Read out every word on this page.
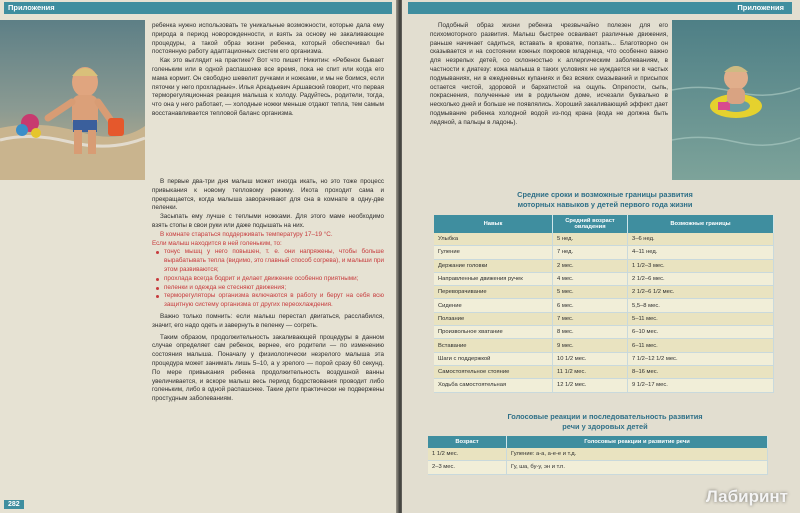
Приложения

ребенка нужно использовать те уникальные возможности, которые дала ему природа в период новорожденности, и взять за основу не закаливающие процедуры, а такой образ жизни ребенка, который обеспечивал бы постоянную работу адаптационных систем его организма.

Как это выглядит на практике? Вот что пишет Никитин: «Ребенок бывает голеньким или в одной распашонке все время, пока не спит или когда его мама кормит. Он свободно шевелит ручками и ножками, и мы не боимся, если пяточки у него прохладные». Илья Аркадьевич Аршавский говорит, что первая терморегуляционная реакция малыша к холоду. Радуйтесь, родители, тогда, что она у него работает, — холодные ножки меньше отдают тепла, тем самым восстанавливается тепловой баланс организма.

В первые два-три дня малыш может иногда икать, но это тоже процесс привыкания к новому тепловому режиму. Икота проходит сама и прекращается, когда малыша заворачивают для сна в комнате в одну-две пеленки.

Засыпать ему лучше с теплыми ножками. Для этого маме необходимо взять стопы в свои руки или даже подышать на них.

В комнате стараться поддерживать температуру 17–19 °С.

Если малыш находится в ней голеньким, то:

тонус мышц у него повышен, т. е. они напряжены, чтобы больше вырабатывать тепла (видимо, это главный способ согрева), и малыши при этом развиваются;
прохлада всегда бодрит и делает движение особенно приятными;
пеленки и одежда не стесняют движения;
терморегуляторы организма включаются в работу и берут на себя всю защитную систему организма от других переохлаждения.

Важно только помнить: если малыш перестал двигаться, расслабился, значит, его надо одеть и завернуть в пеленку — согреть.

Таким образом, продолжительность закаливающей процедуры в данном случае определяет сам ребенок, вернее, его родители — по изменению состояния малыша. Поначалу у физиологически незрелого малыша эта процедура может занимать лишь 5–10, а у зрелого — порой сразу 60 секунд. По мере привыкания ребенка продолжительность воздушной ванны увеличивается, и вскоре малыш весь период бодрствования проводит либо голеньким, либо в одной распашонке. Такие дети практически не подвержены простудным заболеваниям.

282
Приложения

Подобный образ жизни ребенка чрезвычайно полезен для его психомоторного развития. Малыш быстрее осваивает различные движения, раньше начинает садиться, вставать в кроватке, ползать... Благотворно он сказывается и на состоянии кожных покровов младенца, что особенно важно для незрелых детей, со склонностью к аллергическим заболеваниям, в частности к диатезу: кожа малыша в таких условиях не нуждается ни в частых подмываниях, ни в ежедневных купаниях и без всяких смазываний и присыпок остается чистой, здоровой и бархатистой на ощупь. Опрелости, сыпь, покраснения, полученные им в родильном доме, исчезали буквально в несколько дней и больше не появлялись. Хороший закаливающий эффект дает подмывание ребенка холодной водой из-под крана (вода не должна быть ледяной, а пальцы в ладонь).

Средние сроки и возможные границы развития
моторных навыков у детей первого года жизни
Навык	Средний возраст овладения	Возможные границы
Улыбка	5 нед.	3–6 нед.
Гуление	7 нед.	4–11 нед.
Держание головки	2 мес.	1 1/2–3 мес.
Направленные движения ручек	4 мес.	2 1/2–6 мес.
Переворачивание	5 мес.	2 1/2–6 1/2 мес.
Сидение	6 мес.	5,5–8 мес.
Ползание	7 мес.	5–11 мес.
Произвольное хватание	8 мес.	6–10 мес.
Вставание	9 мес.	6–11 мес.
Шаги с поддержкой	10 1/2 мес.	7 1/2–12 1/2 мес.
Самостоятельное стояние	11 1/2 мес.	8–16 мес.
Ходьба самостоятельная	12 1/2 мес.	9 1/2–17 мес.
Голосовые реакции и последовательность развития
речи у здоровых детей
Возраст	Голосовые реакции и развитие речи
1 1/2 мес.	Гуление: а-а, а-е-е и т.д.
2–3 мес.	Гу, ша, бу-у, эн и т.п.
Лабиринт
